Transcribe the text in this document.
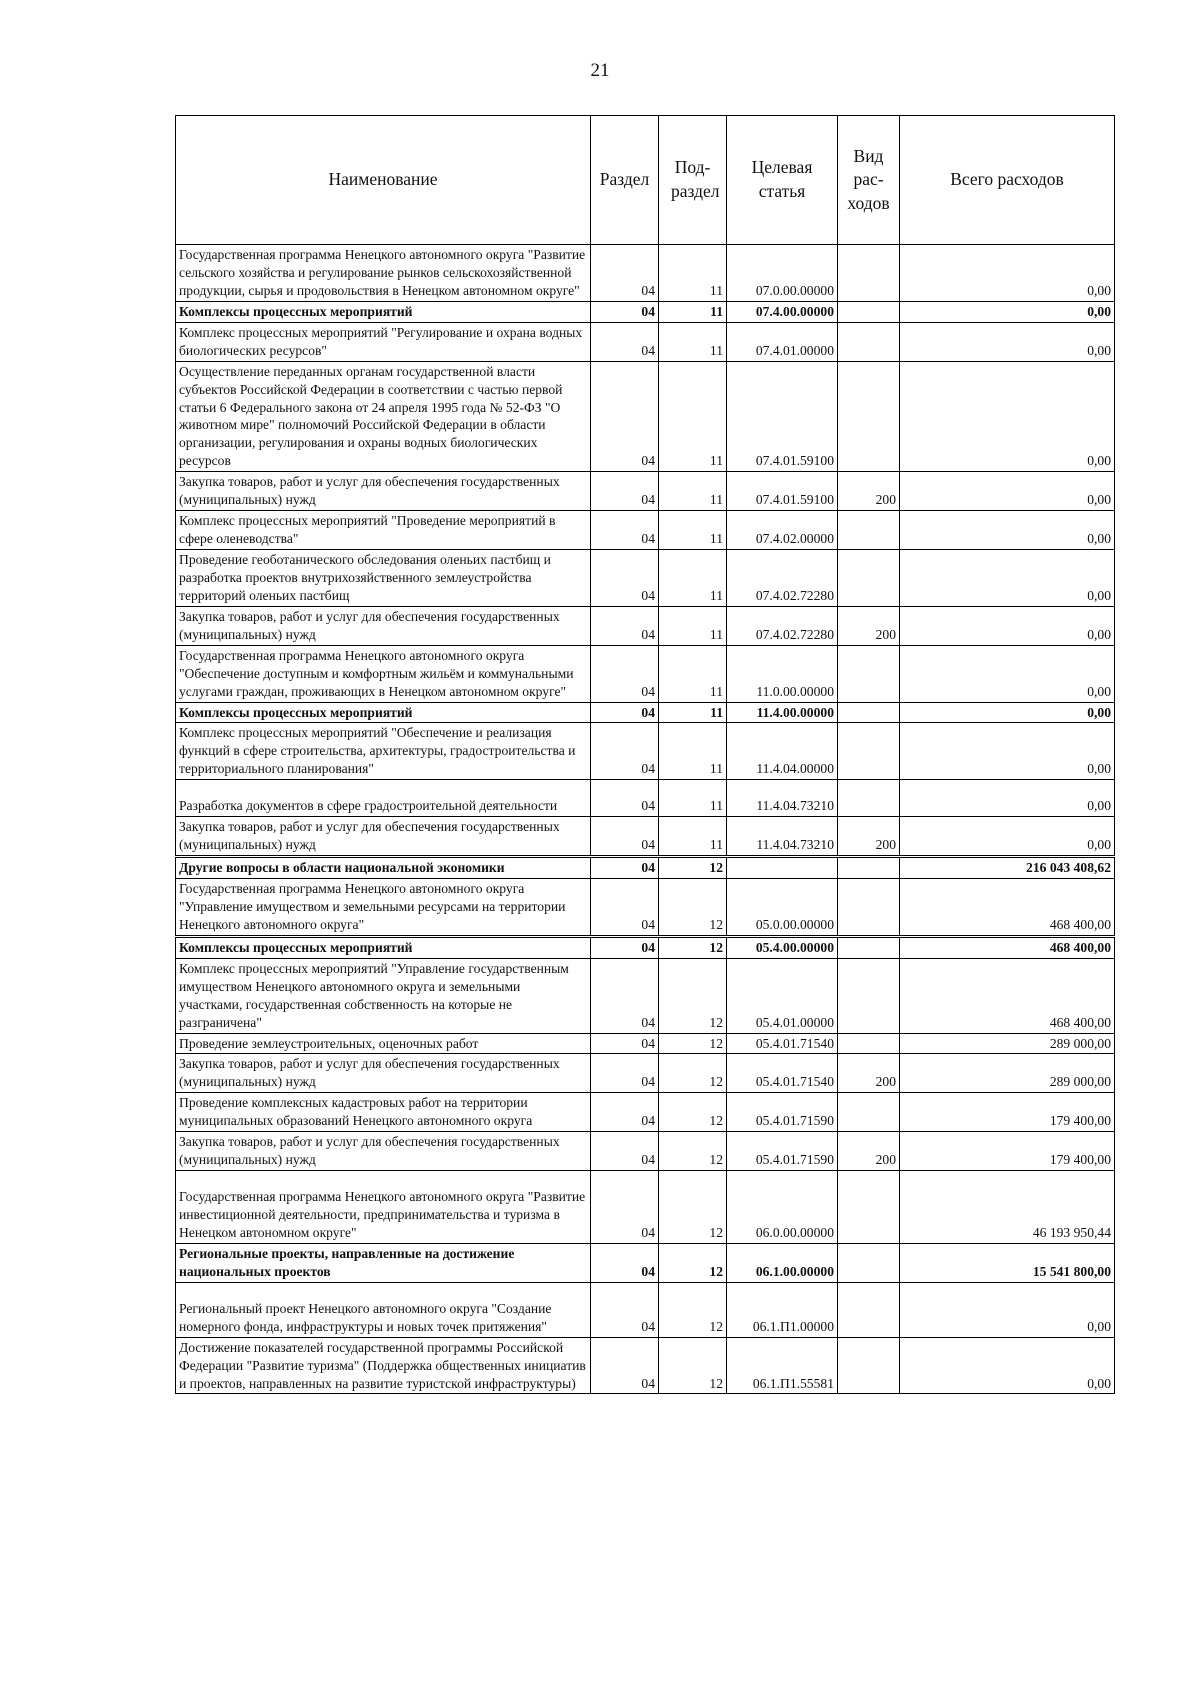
21
Наименование	Раздел	Под-раздел	Целевая статья	Вид рас-ходов	Всего расходов
Государственная программа Ненецкого автономного округа "Развитие сельского хозяйства и регулирование рынков сельскохозяйственной продукции, сырья и продовольствия в Ненецком автономном округе"	04	11	07.0.00.00000		0,00
Комплексы процессных мероприятий	04	11	07.4.00.00000		0,00
Комплекс процессных мероприятий "Регулирование и охрана водных биологических ресурсов"	04	11	07.4.01.00000		0,00
Осуществление переданных органам государственной власти субъектов Российской Федерации в соответствии с частью первой статьи 6 Федерального закона от 24 апреля 1995 года № 52-ФЗ "О животном мире" полномочий Российской Федерации в области организации, регулирования и охраны водных биологических ресурсов	04	11	07.4.01.59100		0,00
Закупка товаров, работ и услуг для обеспечения государственных (муниципальных) нужд	04	11	07.4.01.59100	200	0,00
Комплекс процессных мероприятий "Проведение мероприятий в сфере оленеводства"	04	11	07.4.02.00000		0,00
Проведение геоботанического обследования оленьих пастбищ и разработка проектов внутрихозяйственного землеустройства территорий оленьих пастбищ	04	11	07.4.02.72280		0,00
Закупка товаров, работ и услуг для обеспечения государственных (муниципальных) нужд	04	11	07.4.02.72280	200	0,00
Государственная программа Ненецкого автономного округа "Обеспечение доступным и комфортным жильём и коммунальными услугами граждан, проживающих в Ненецком автономном округе"	04	11	11.0.00.00000		0,00
Комплексы процессных мероприятий	04	11	11.4.00.00000		0,00
Комплекс процессных мероприятий "Обеспечение и реализация функций в сфере строительства, архитектуры, градостроительства и территориального планирования"	04	11	11.4.04.00000		0,00
Разработка документов в сфере градостроительной деятельности	04	11	11.4.04.73210		0,00
Закупка товаров, работ и услуг для обеспечения государственных (муниципальных) нужд	04	11	11.4.04.73210	200	0,00
Другие вопросы в области национальной экономики	04	12			216 043 408,62
Государственная программа Ненецкого автономного округа "Управление имуществом и земельными ресурсами на территории Ненецкого автономного округа"	04	12	05.0.00.00000		468 400,00
Комплексы процессных мероприятий	04	12	05.4.00.00000		468 400,00
Комплекс процессных мероприятий "Управление государственным имуществом Ненецкого автономного округа и земельными участками, государственная собственность на которые не разграничена"	04	12	05.4.01.00000		468 400,00
Проведение землеустроительных, оценочных работ	04	12	05.4.01.71540		289 000,00
Закупка товаров, работ и услуг для обеспечения государственных (муниципальных) нужд	04	12	05.4.01.71540	200	289 000,00
Проведение комплексных кадастровых работ на территории муниципальных образований Ненецкого автономного округа	04	12	05.4.01.71590		179 400,00
Закупка товаров, работ и услуг для обеспечения государственных (муниципальных) нужд	04	12	05.4.01.71590	200	179 400,00
Государственная программа Ненецкого автономного округа "Развитие инвестиционной деятельности, предпринимательства и туризма в Ненецком автономном округе"	04	12	06.0.00.00000		46 193 950,44
Региональные проекты, направленные на достижение национальных проектов	04	12	06.1.00.00000		15 541 800,00
Региональный проект Ненецкого автономного округа "Создание номерного фонда, инфраструктуры и новых точек притяжения"	04	12	06.1.П1.00000		0,00
Достижение показателей государственной программы Российской Федерации "Развитие туризма" (Поддержка общественных инициатив и проектов, направленных на развитие туристской инфраструктуры)	04	12	06.1.П1.55581		0,00
